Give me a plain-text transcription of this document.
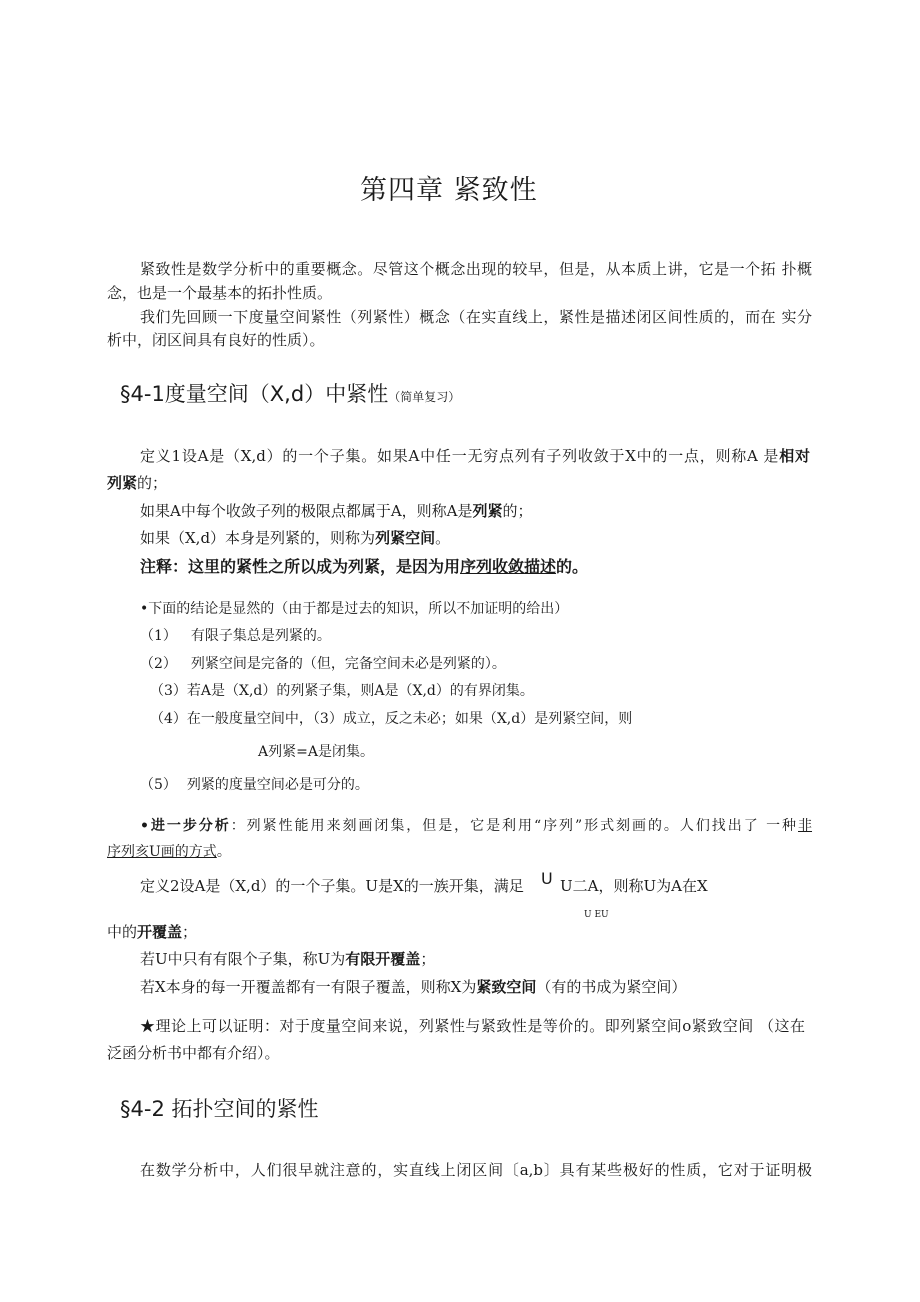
第四章 紧致性
紧致性是数学分析中的重要概念。尽管这个概念出现的较早，但是，从本质上讲，它是一个拓 扑概
念，也是一个最基本的拓扑性质。
我们先回顾一下度量空间紧性（列紧性）概念（在实直线上，紧性是描述闭区间性质的，而在 实分
析中，闭区间具有良好的性质）。
§4-1度量空间（X,d）中紧性（简单复习）
定义1设A是（X,d）的一个子集。如果A中任一无穷点列有子列收敛于X中的一点，则称A 是相对
列紧的；
如果A中每个收敛子列的极限点都属于A，则称A是列紧的；
如果（X,d）本身是列紧的，则称为列紧空间。
注释：这里的紧性之所以成为列紧，是因为用序列收敛描述的。
•下面的结论是显然的（由于都是过去的知识，所以不加证明的给出）
（1） 有限子集总是列紧的。
（2） 列紧空间是完备的（但，完备空间未必是列紧的）。
（3）若A是（X,d）的列紧子集，则A是（X,d）的有界闭集。
（4）在一般度量空间中，（3）成立，反之未必；如果（X,d）是列紧空间，则
A列紧=A是闭集。
（5） 列紧的度量空间必是可分的。
•进一步分析：列紧性能用来刻画闭集，但是，它是利用“序列”形式刻画的。人们找出了 一种非
序列亥U画的方式。
定义2设A是（X,d）的一个子集。U是X的一族开集，满足 U U二A，则称U为A在X
U EU
中的开覆盖；
若U中只有有限个子集，称U为有限开覆盖；
若X本身的每一开覆盖都有一有限子覆盖，则称X为紧致空间（有的书成为紧空间）
★理论上可以证明：对于度量空间来说，列紧性与紧致性是等价的。即列紧空间o紧致空间 （这在
泛函分析书中都有介绍）。
§4-2 拓扑空间的紧性
在数学分析中，人们很早就注意的，实直线上闭区间〔a,b〕具有某些极好的性质，它对于证明极
